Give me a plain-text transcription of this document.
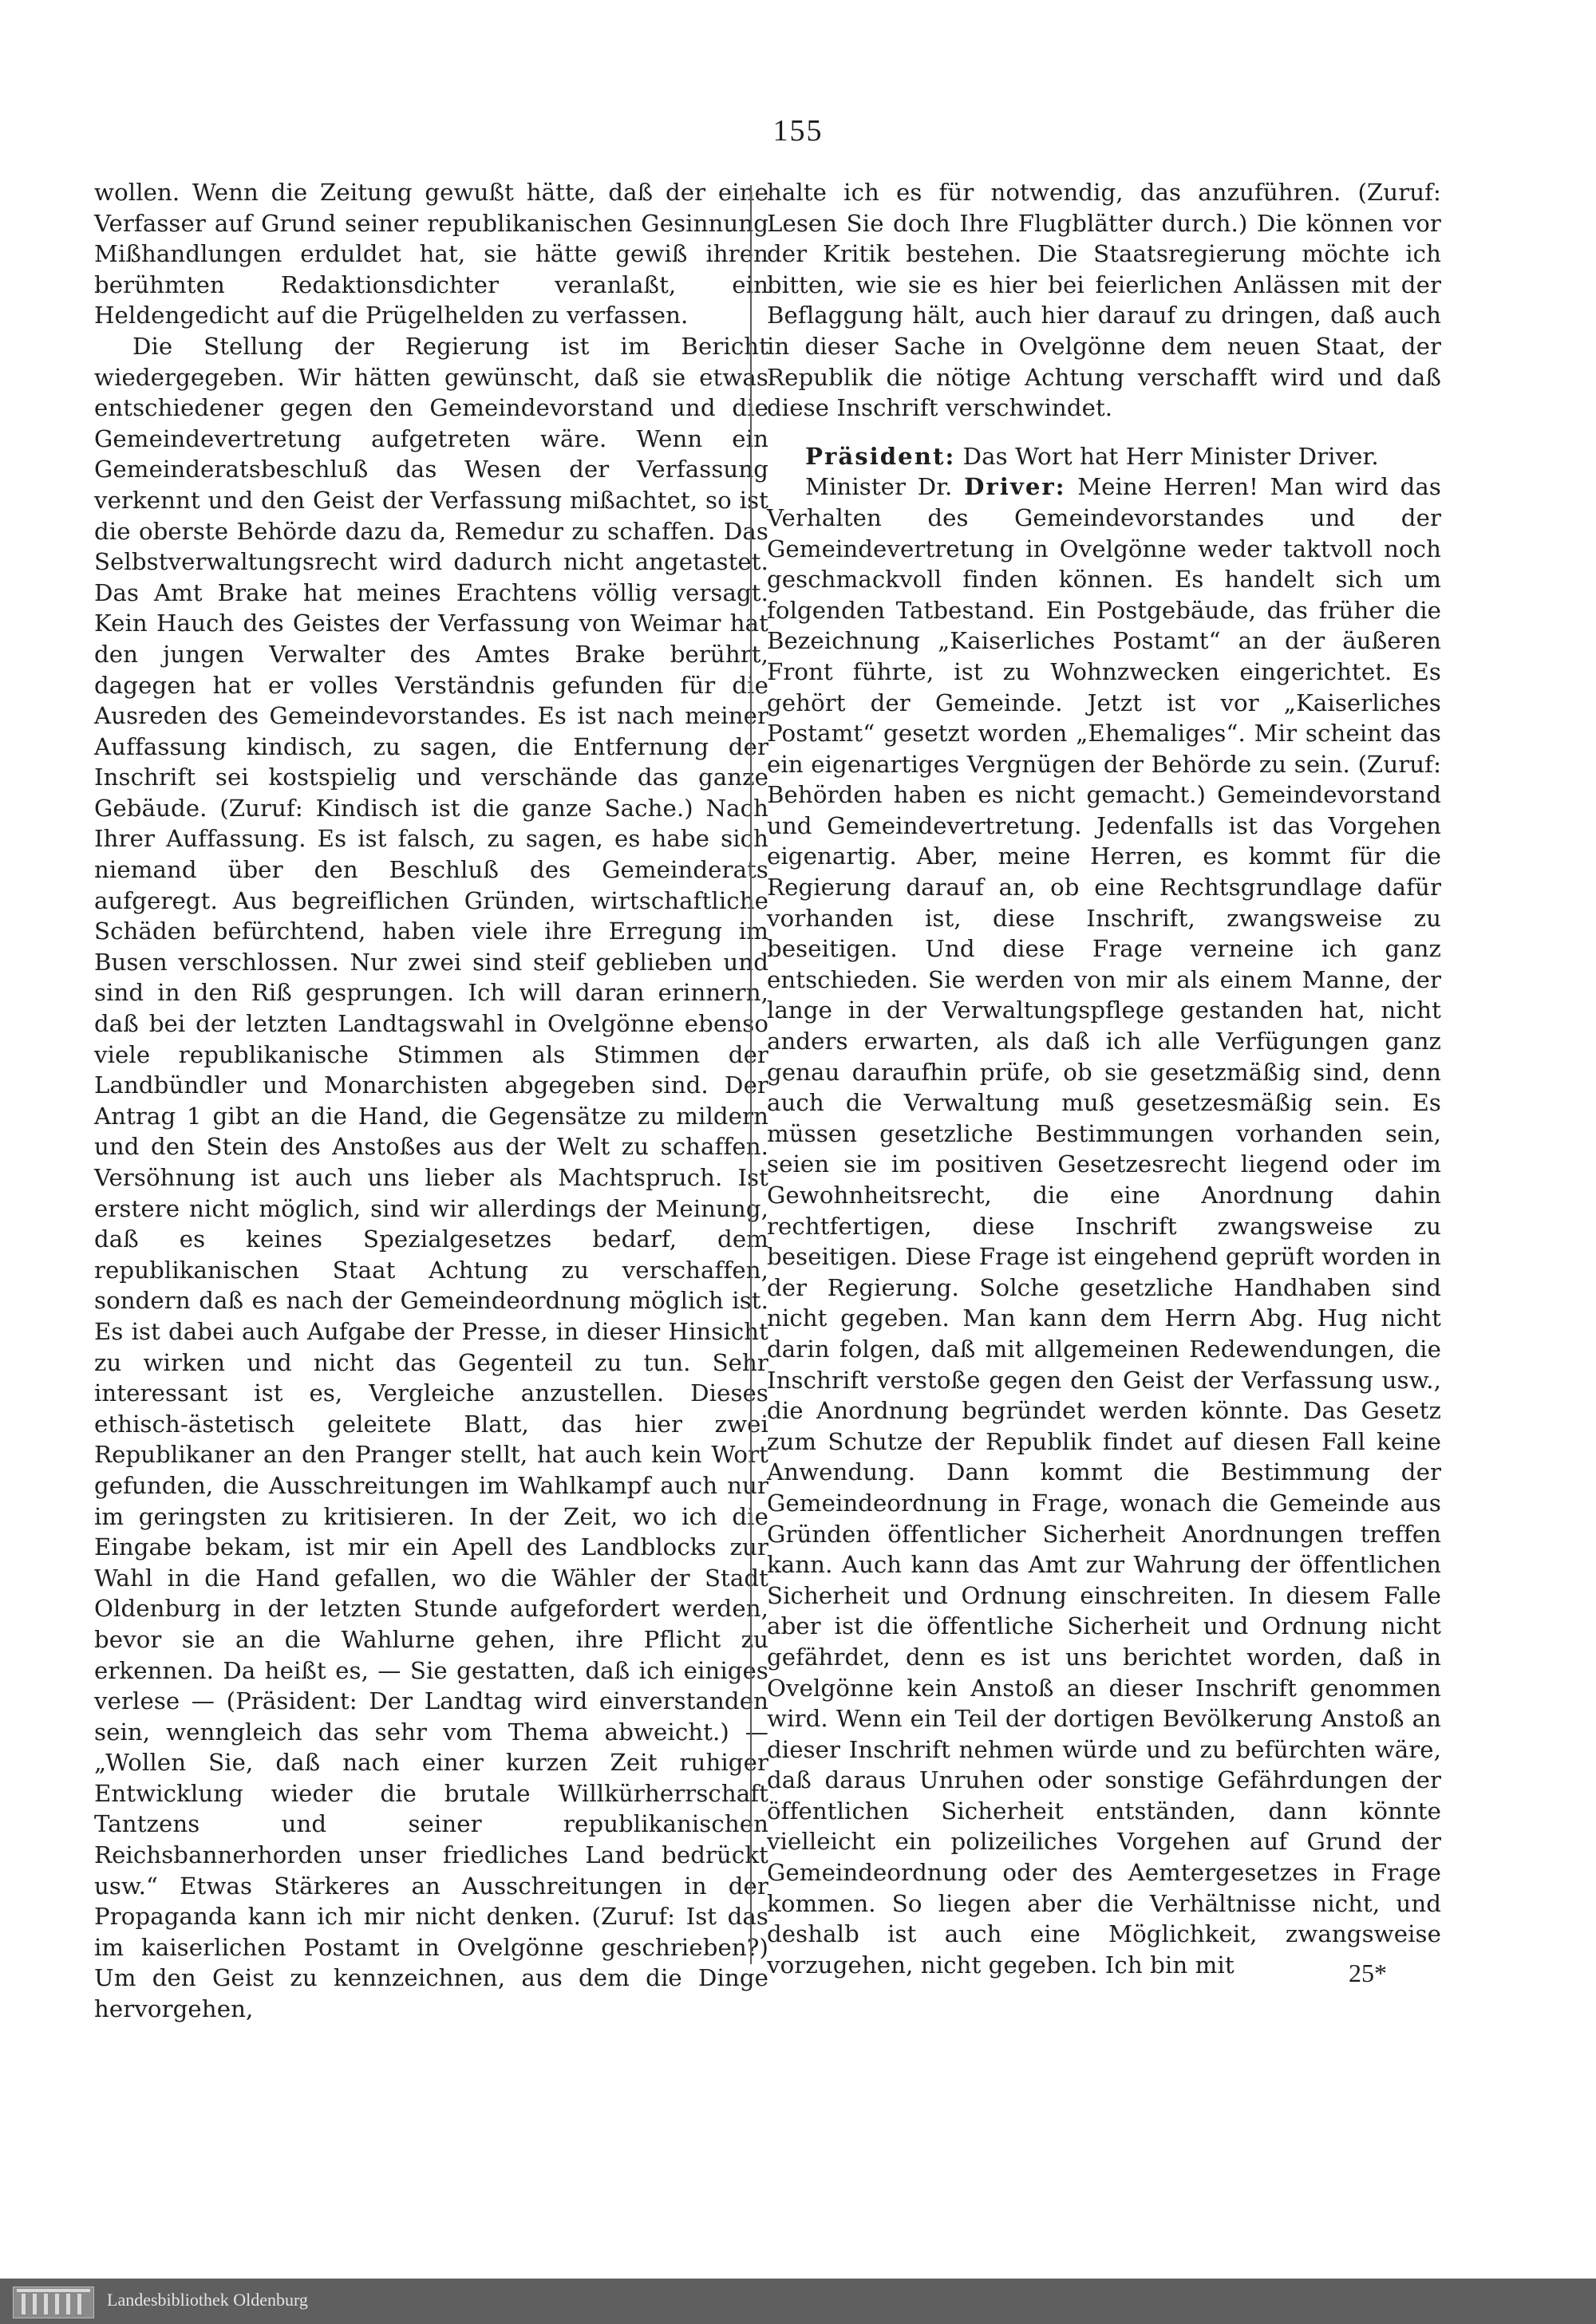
155

wollen. Wenn die Zeitung gewußt hätte, daß der eine Verfasser auf Grund seiner republikanischen Gesinnung Mißhandlungen erduldet hat, sie hätte gewiß ihren berühmten Redaktionsdichter veranlaßt, ein Heldengedicht auf die Prügelhelden zu verfassen.

Die Stellung der Regierung ist im Bericht wiedergegeben. Wir hätten gewünscht, daß sie etwas entschiedener gegen den Gemeindevorstand und die Gemeindevertretung aufgetreten wäre. Wenn ein Gemeinderatsbeschluß das Wesen der Verfassung verkennt und den Geist der Verfassung mißachtet, so ist die oberste Behörde dazu da, Remedur zu schaffen. Das Selbstverwaltungsrecht wird dadurch nicht angetastet. Das Amt Brake hat meines Erachtens völlig versagt. Kein Hauch des Geistes der Verfassung von Weimar hat den jungen Verwalter des Amtes Brake berührt, dagegen hat er volles Verständnis gefunden für die Ausreden des Gemeindevorstandes. Es ist nach meiner Auffassung kindisch, zu sagen, die Entfernung der Inschrift sei kostspielig und verschände das ganze Gebäude. (Zuruf: Kindisch ist die ganze Sache.) Nach Ihrer Auffassung. Es ist falsch, zu sagen, es habe sich niemand über den Beschluß des Gemeinderats aufgeregt. Aus begreiflichen Gründen, wirtschaftliche Schäden befürchtend, haben viele ihre Erregung im Busen verschlossen. Nur zwei sind steif geblieben und sind in den Riß gesprungen. Ich will daran erinnern, daß bei der letzten Landtagswahl in Ovelgönne ebenso viele republikanische Stimmen als Stimmen der Landbündler und Monarchisten abgegeben sind. Der Antrag 1 gibt an die Hand, die Gegensätze zu mildern und den Stein des Anstoßes aus der Welt zu schaffen. Versöhnung ist auch uns lieber als Machtspruch. Ist erstere nicht möglich, sind wir allerdings der Meinung, daß es keines Spezialgesetzes bedarf, dem republikanischen Staat Achtung zu verschaffen, sondern daß es nach der Gemeindeordnung möglich ist. Es ist dabei auch Aufgabe der Presse, in dieser Hinsicht zu wirken und nicht das Gegenteil zu tun. Sehr interessant ist es, Vergleiche anzustellen. Dieses ethisch-ästetisch geleitete Blatt, das hier zwei Republikaner an den Pranger stellt, hat auch kein Wort gefunden, die Ausschreitungen im Wahlkampf auch nur im geringsten zu kritisieren. In der Zeit, wo ich die Eingabe bekam, ist mir ein Apell des Landblocks zur Wahl in die Hand gefallen, wo die Wähler der Stadt Oldenburg in der letzten Stunde aufgefordert werden, bevor sie an die Wahlurne gehen, ihre Pflicht zu erkennen. Da heißt es, — Sie gestatten, daß ich einiges verlese — (Präsident: Der Landtag wird einverstanden sein, wenngleich das sehr vom Thema abweicht.) — „Wollen Sie, daß nach einer kurzen Zeit ruhiger Entwicklung wieder die brutale Willkürherrschaft Tantzens und seiner republikanischen Reichsbannerhorden unser friedliches Land bedrückt usw.“ Etwas Stärkeres an Ausschreitungen in der Propaganda kann ich mir nicht denken. (Zuruf: Ist das im kaiserlichen Postamt in Ovelgönne geschrieben?) Um den Geist zu kennzeichnen, aus dem die Dinge hervorgehen,

halte ich es für notwendig, das anzuführen. (Zuruf: Lesen Sie doch Ihre Flugblätter durch.) Die können vor der Kritik bestehen. Die Staatsregierung möchte ich bitten, wie sie es hier bei feierlichen Anlässen mit der Beflaggung hält, auch hier darauf zu dringen, daß auch in dieser Sache in Ovelgönne dem neuen Staat, der Republik die nötige Achtung verschafft wird und daß diese Inschrift verschwindet.

Präsident: Das Wort hat Herr Minister Driver.

Minister Dr. Driver: Meine Herren! Man wird das Verhalten des Gemeindevorstandes und der Gemeindevertretung in Ovelgönne weder taktvoll noch geschmackvoll finden können. Es handelt sich um folgenden Tatbestand. Ein Postgebäude, das früher die Bezeichnung „Kaiserliches Postamt“ an der äußeren Front führte, ist zu Wohnzwecken eingerichtet. Es gehört der Gemeinde. Jetzt ist vor „Kaiserliches Postamt“ gesetzt worden „Ehemaliges“. Mir scheint das ein eigenartiges Vergnügen der Behörde zu sein. (Zuruf: Behörden haben es nicht gemacht.) Gemeindevorstand und Gemeindevertretung. Jedenfalls ist das Vorgehen eigenartig. Aber, meine Herren, es kommt für die Regierung darauf an, ob eine Rechtsgrundlage dafür vorhanden ist, diese Inschrift, zwangsweise zu beseitigen. Und diese Frage verneine ich ganz entschieden. Sie werden von mir als einem Manne, der lange in der Verwaltungspflege gestanden hat, nicht anders erwarten, als daß ich alle Verfügungen ganz genau daraufhin prüfe, ob sie gesetzmäßig sind, denn auch die Verwaltung muß gesetzesmäßig sein. Es müssen gesetzliche Bestimmungen vorhanden sein, seien sie im positiven Gesetzesrecht liegend oder im Gewohnheitsrecht, die eine Anordnung dahin rechtfertigen, diese Inschrift zwangsweise zu beseitigen. Diese Frage ist eingehend geprüft worden in der Regierung. Solche gesetzliche Handhaben sind nicht gegeben. Man kann dem Herrn Abg. Hug nicht darin folgen, daß mit allgemeinen Redewendungen, die Inschrift verstoße gegen den Geist der Verfassung usw., die Anordnung begründet werden könnte. Das Gesetz zum Schutze der Republik findet auf diesen Fall keine Anwendung. Dann kommt die Bestimmung der Gemeindeordnung in Frage, wonach die Gemeinde aus Gründen öffentlicher Sicherheit Anordnungen treffen kann. Auch kann das Amt zur Wahrung der öffentlichen Sicherheit und Ordnung einschreiten. In diesem Falle aber ist die öffentliche Sicherheit und Ordnung nicht gefährdet, denn es ist uns berichtet worden, daß in Ovelgönne kein Anstoß an dieser Inschrift genommen wird. Wenn ein Teil der dortigen Bevölkerung Anstoß an dieser Inschrift nehmen würde und zu befürchten wäre, daß daraus Unruhen oder sonstige Gefährdungen der öffentlichen Sicherheit entständen, dann könnte vielleicht ein polizeiliches Vorgehen auf Grund der Gemeindeordnung oder des Aemtergesetzes in Frage kommen. So liegen aber die Verhältnisse nicht, und deshalb ist auch eine Möglichkeit, zwangsweise vorzugehen, nicht gegeben. Ich bin mit	25*
Landesbibliothek Oldenburg
